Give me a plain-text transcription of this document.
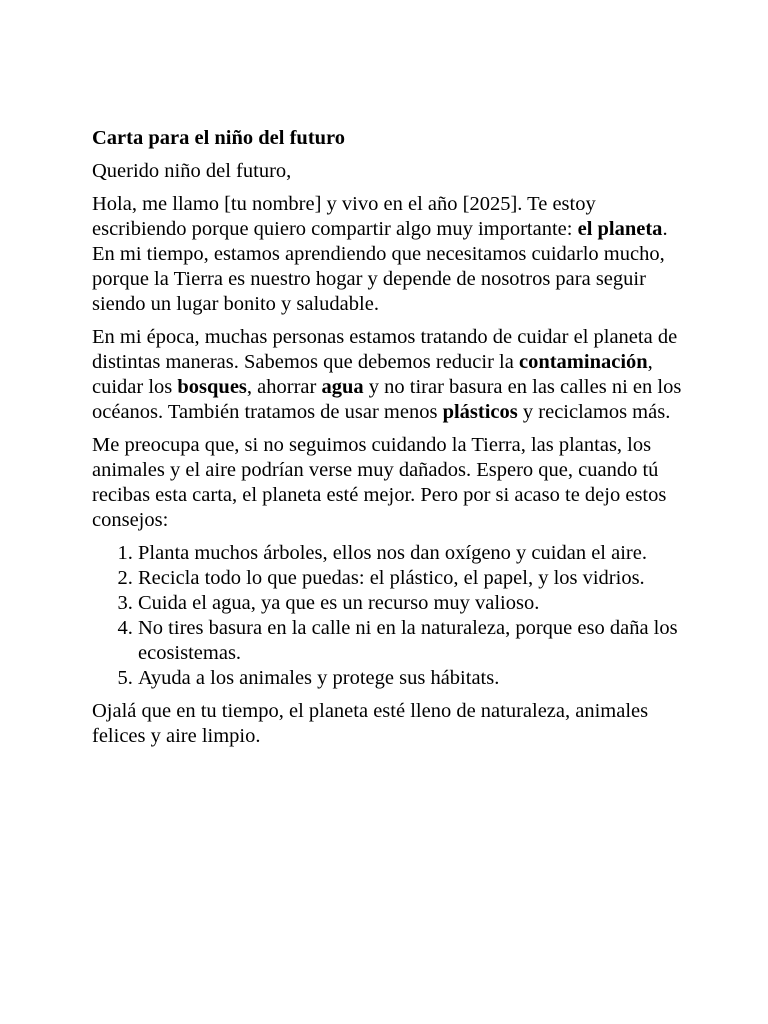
Carta para el niño del futuro

Querido niño del futuro,

Hola, me llamo [tu nombre] y vivo en el año [2025]. Te estoy escribiendo porque quiero compartir algo muy importante: el planeta. En mi tiempo, estamos aprendiendo que necesitamos cuidarlo mucho, porque la Tierra es nuestro hogar y depende de nosotros para seguir siendo un lugar bonito y saludable.

En mi época, muchas personas estamos tratando de cuidar el planeta de distintas maneras. Sabemos que debemos reducir la contaminación, cuidar los bosques, ahorrar agua y no tirar basura en las calles ni en los océanos. También tratamos de usar menos plásticos y reciclamos más.

Me preocupa que, si no seguimos cuidando la Tierra, las plantas, los animales y el aire podrían verse muy dañados. Espero que, cuando tú recibas esta carta, el planeta esté mejor. Pero por si acaso te dejo estos consejos:

1. Planta muchos árboles, ellos nos dan oxígeno y cuidan el aire.
2. Recicla todo lo que puedas: el plástico, el papel, y los vidrios.
3. Cuida el agua, ya que es un recurso muy valioso.
4. No tires basura en la calle ni en la naturaleza, porque eso daña los ecosistemas.
5. Ayuda a los animales y protege sus hábitats.

Ojalá que en tu tiempo, el planeta esté lleno de naturaleza, animales felices y aire limpio.
